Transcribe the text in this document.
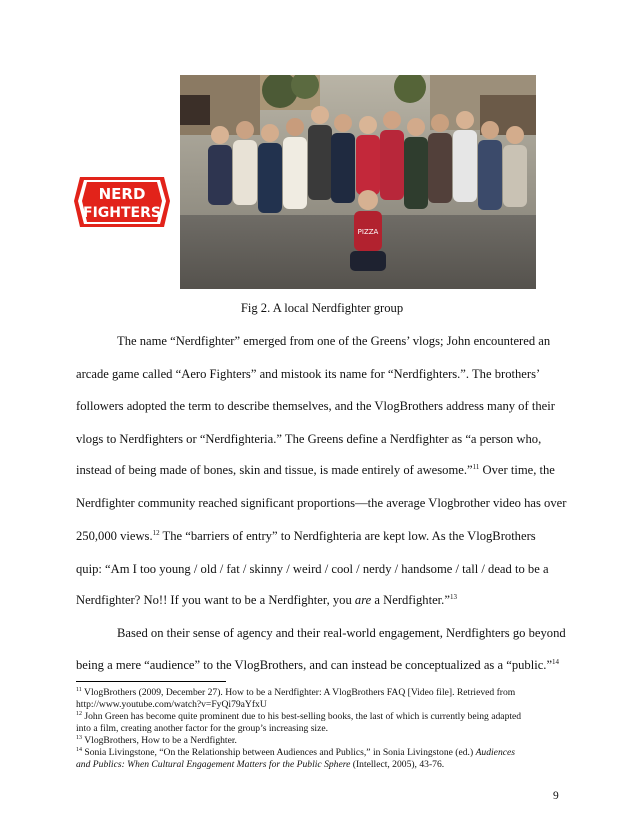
PIZZA
NERD
FIGHTERS
Fig 2. A local Nerdfighter group
The name “Nerdfighter” emerged from one of the Greens’ vlogs; John encountered an
arcade game called “Aero Fighters” and mistook its name for “Nerdfighters.”. The brothers’
followers adopted the term to describe themselves, and the VlogBrothers address many of their
vlogs to Nerdfighters or “Nerdfighteria.” The Greens define a Nerdfighter as “a person who,
instead of being made of bones, skin and tissue, is made entirely of awesome.”$^{11}$ Over time, the
Nerdfighter community reached significant proportions—the average Vlogbrother video has over
250,000 views.$^{12}$ The “barriers of entry” to Nerdfighteria are kept low. As the VlogBrothers
quip: “Am I too young / old / fat / skinny / weird / cool / nerdy / handsome / tall / dead to be a
Nerdfighter? No!! If you want to be a Nerdfighter, you are a Nerdfighter.”$^{13}$
Based on their sense of agency and their real-world engagement, Nerdfighters go beyond
being a mere “audience” to the VlogBrothers, and can instead be conceptualized as a “public.”$^{14}$
$^{11}$ VlogBrothers (2009, December 27). How to be a Nerdfighter: A VlogBrothers FAQ [Video file]. Retrieved from
http://www.youtube.com/watch?v=FyQi79aYfxU
$^{12}$ John Green has become quite prominent due to his best-selling books, the last of which is currently being adapted
into a film, creating another factor for the group’s increasing size.
$^{13}$ VlogBrothers, How to be a Nerdfighter.
$^{14}$ Sonia Livingstone, “On the Relationship between Audiences and Publics,” in Sonia Livingstone (ed.) Audiences
and Publics: When Cultural Engagement Matters for the Public Sphere (Intellect, 2005), 43-76.
9
